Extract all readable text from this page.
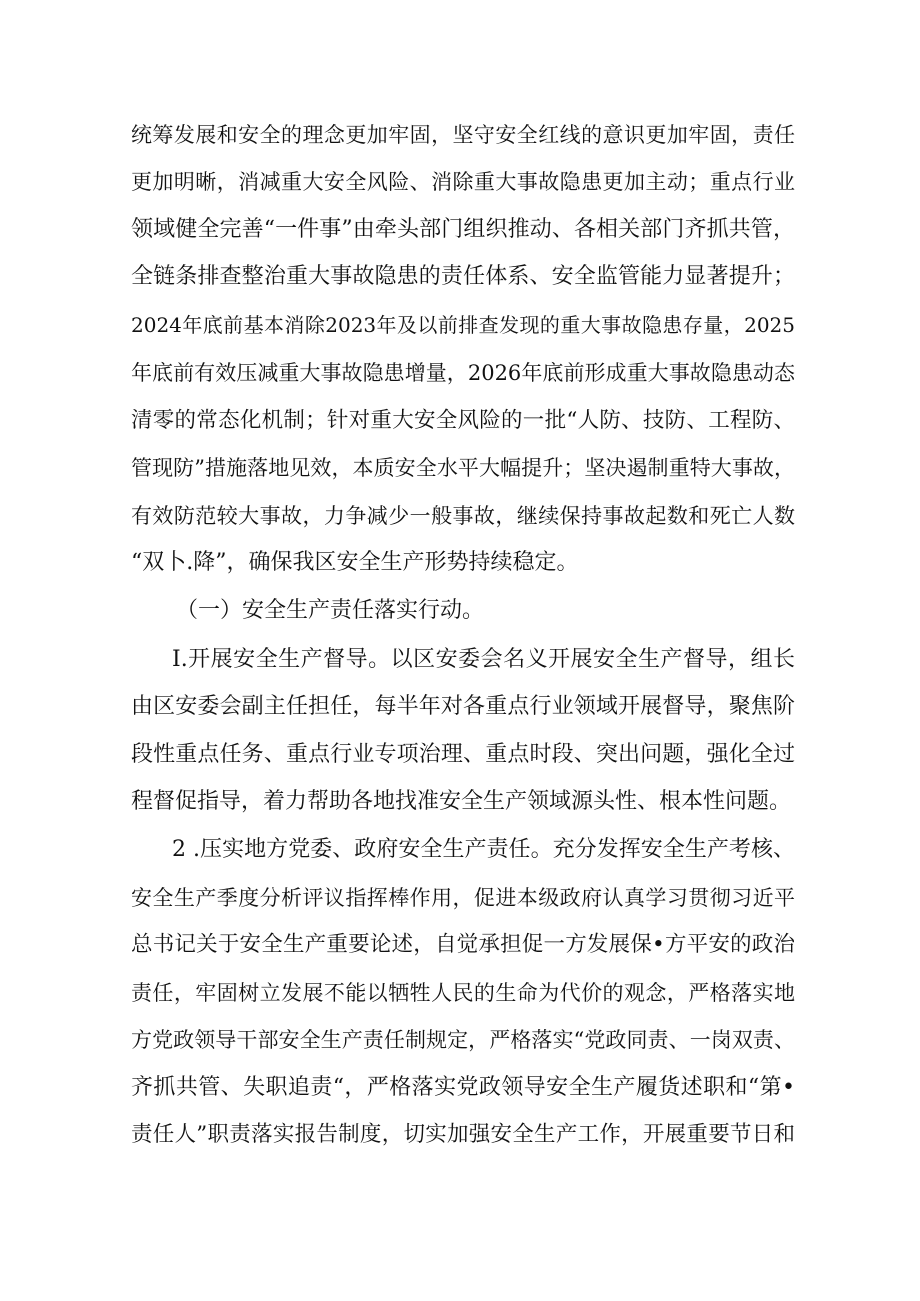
统筹发展和安全的理念更加牢固，坚守安全红线的意识更加牢固，责任
更加明晰，消减重大安全风险、消除重大事故隐患更加主动；重点行业
领域健全完善“一件事”由牵头部门组织推动、各相关部门齐抓共管，
全链条排查整治重大事故隐患的责任体系、安全监管能力显著提升；
2024年底前基本消除2023年及以前排查发现的重大事故隐患存量，2025
年底前有效压减重大事故隐患增量，2026年底前形成重大事故隐患动态
清零的常态化机制；针对重大安全风险的一批“人防、技防、工程防、
管现防”措施落地见效，本质安全水平大幅提升；坚决遏制重特大事故，
有效防范较大事故，力争减少一般事故，继续保持事故起数和死亡人数
“双卜.降”，确保我区安全生产形势持续稳定。
（一）安全生产责任落实行动。
I.开展安全生产督导。以区安委会名义开展安全生产督导，组长
由区安委会副主任担任，每半年对各重点行业领域开展督导，聚焦阶
段性重点任务、重点行业专项治理、重点时段、突出问题，强化全过
程督促指导，着力帮助各地找准安全生产领域源头性、根本性问题。
2 .压实地方党委、政府安全生产责任。充分发挥安全生产考核、
安全生产季度分析评议指挥棒作用，促进本级政府认真学习贯彻习近平
总书记关于安全生产重要论述，自觉承担促一方发展保•方平安的政治
责任，牢固树立发展不能以牺牲人民的生命为代价的观念，严格落实地
方党政领导干部安全生产责任制规定，严格落实“党政同责、一岗双责、
齐抓共管、失职追责“，严格落实党政领导安全生产履货述职和“第•
责任人”职责落实报告制度，切实加强安全生产工作，开展重要节日和
